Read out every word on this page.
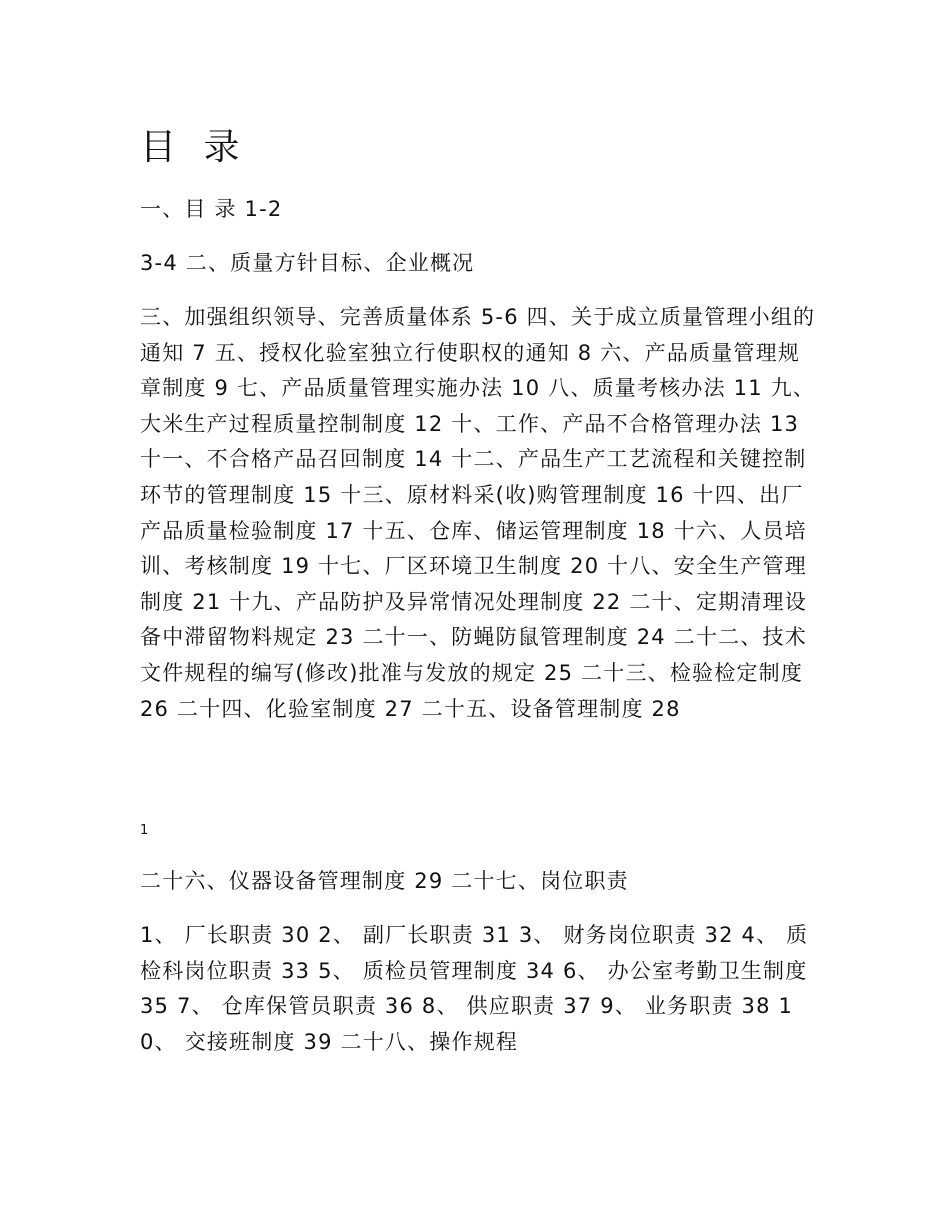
目 录

一、目 录 1-2

3-4 二、质量方针目标、企业概况

三、加强组织领导、完善质量体系 5-6 四、关于成立质量管理小组的通知 7 五、授权化验室独立行使职权的通知 8 六、产品质量管理规章制度 9 七、产品质量管理实施办法 10 八、质量考核办法 11 九、大米生产过程质量控制制度 12 十、工作、产品不合格管理办法 13 十一、不合格产品召回制度 14 十二、产品生产工艺流程和关键控制环节的管理制度 15 十三、原材料采(收)购管理制度 16 十四、出厂产品质量检验制度 17 十五、仓库、储运管理制度 18 十六、人员培训、考核制度 19 十七、厂区环境卫生制度 20 十八、安全生产管理制度 21 十九、产品防护及异常情况处理制度 22 二十、定期清理设备中滞留物料规定 23 二十一、防蝇防鼠管理制度 24 二十二、技术文件规程的编写(修改)批准与发放的规定 25 二十三、检验检定制度 26 二十四、化验室制度 27 二十五、设备管理制度 28

1

二十六、仪器设备管理制度 29 二十七、岗位职责

1、 厂长职责 30 2、 副厂长职责 31 3、 财务岗位职责 32 4、 质检科岗位职责 33 5、 质检员管理制度 34 6、 办公室考勤卫生制度 35 7、 仓库保管员职责 36 8、 供应职责 37 9、 业务职责 38 10、 交接班制度 39 二十八、操作规程
